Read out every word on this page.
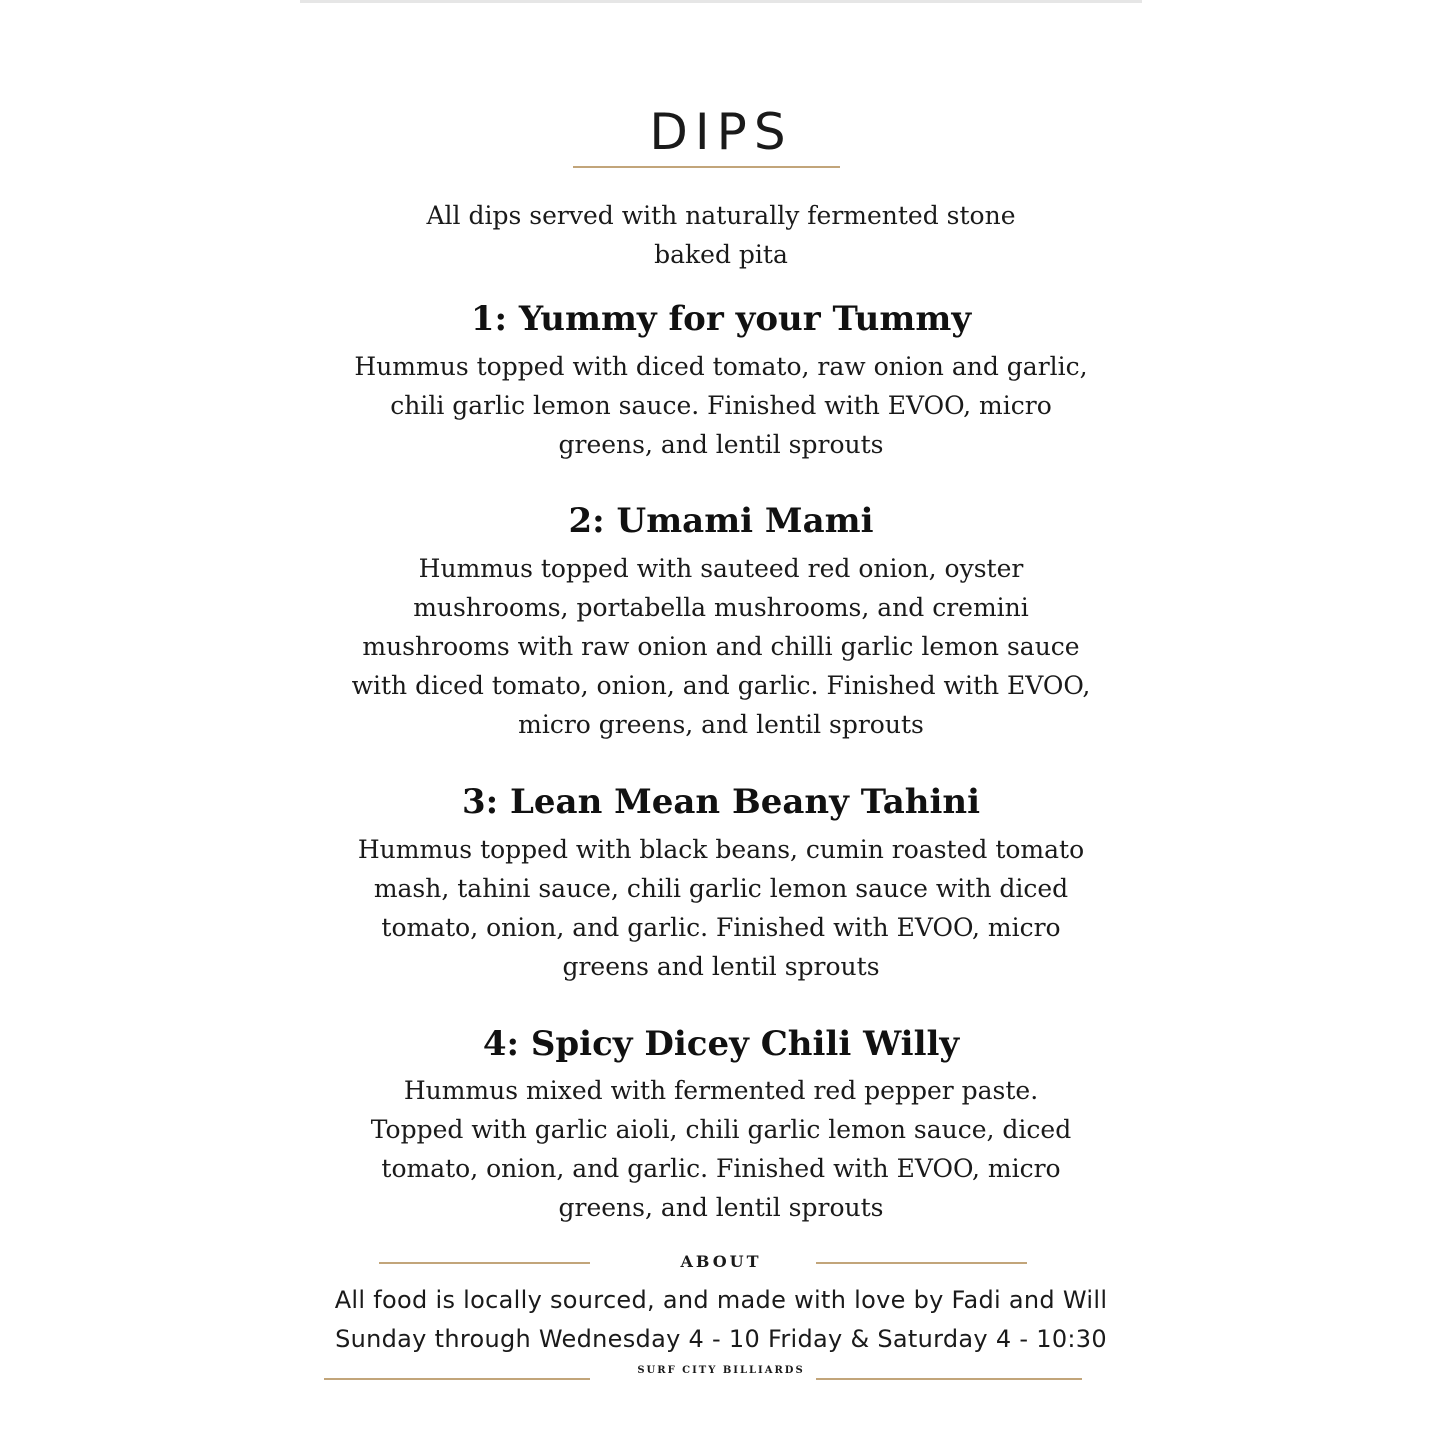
DIPS
All dips served with naturally fermented stone
baked pita
1: Yummy for your Tummy
Hummus topped with diced tomato, raw onion and garlic,
chili garlic lemon sauce. Finished with EVOO, micro
greens, and lentil sprouts
2: Umami Mami
Hummus topped with sauteed red onion, oyster
mushrooms, portabella mushrooms, and cremini
mushrooms with raw onion and chilli garlic lemon sauce
with diced tomato, onion, and garlic. Finished with EVOO,
micro greens, and lentil sprouts
3: Lean Mean Beany Tahini
Hummus topped with black beans, cumin roasted tomato
mash, tahini sauce, chili garlic lemon sauce with diced
tomato, onion, and garlic. Finished with EVOO, micro
greens and lentil sprouts
4: Spicy Dicey Chili Willy
Hummus mixed with fermented red pepper paste.
Topped with garlic aioli, chili garlic lemon sauce, diced
tomato, onion, and garlic. Finished with EVOO, micro
greens, and lentil sprouts
ABOUT
All food is locally sourced, and made with love by Fadi and Will
Sunday through Wednesday 4 - 10 Friday & Saturday 4 - 10:30
SURF CITY BILLIARDS
